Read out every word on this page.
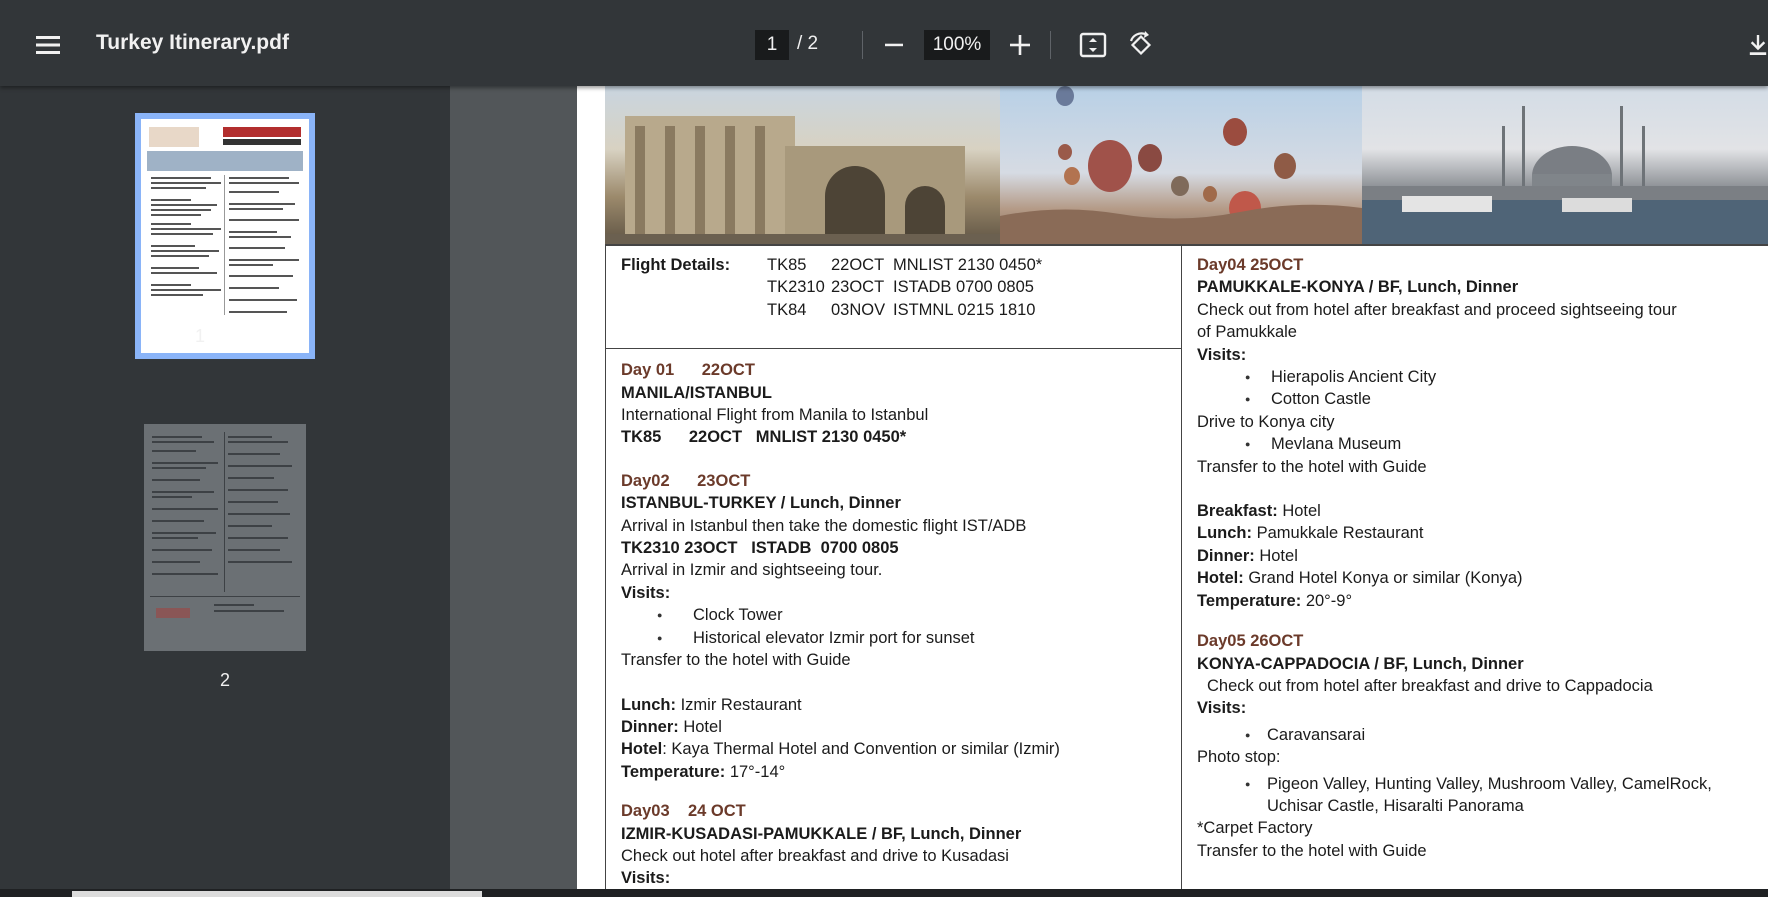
Turkey Itinerary.pdf	1	/ 2	100%
1
2
Flight Details:	TK85	22OCT MNLIST 2130 0450*
TK2310 23OCT ISTADB 0700 0805
TK84	03NOV ISTMNL 0215 1810
Day 01      22OCT
MANILA/ISTANBUL
International Flight from Manila to Istanbul
TK85      22OCT   MNLIST 2130 0450*
Day02      23OCT
ISTANBUL-TURKEY / Lunch, Dinner
Arrival in Istanbul then take the domestic flight IST/ADB
TK2310 23OCT   ISTADB  0700 0805
Arrival in Izmir and sightseeing tour.
Visits:
● Clock Tower
● Historical elevator Izmir port for sunset
Transfer to the hotel with Guide
Lunch: Izmir Restaurant
Dinner: Hotel
Hotel: Kaya Thermal Hotel and Convention or similar (Izmir)
Temperature: 17°-14°
Day03    24 OCT
IZMIR-KUSADASI-PAMUKKALE / BF, Lunch, Dinner
Check out hotel after breakfast and drive to Kusadasi
Visits:
Day04 25OCT
PAMUKKALE-KONYA / BF, Lunch, Dinner
Check out from hotel after breakfast and proceed sightseeing tour
of Pamukkale
Visits:
● Hierapolis Ancient City
● Cotton Castle
Drive to Konya city
● Mevlana Museum
Transfer to the hotel with Guide
Breakfast: Hotel
Lunch: Pamukkale Restaurant
Dinner: Hotel
Hotel: Grand Hotel Konya or similar (Konya)
Temperature: 20°-9°
Day05 26OCT
KONYA-CAPPADOCIA / BF, Lunch, Dinner
Check out from hotel after breakfast and drive to Cappadocia
Visits:
● Caravansarai
Photo stop:
● Pigeon Valley, Hunting Valley, Mushroom Valley, CamelRock,
Uchisar Castle, Hisaralti Panorama
*Carpet Factory
Transfer to the hotel with Guide
